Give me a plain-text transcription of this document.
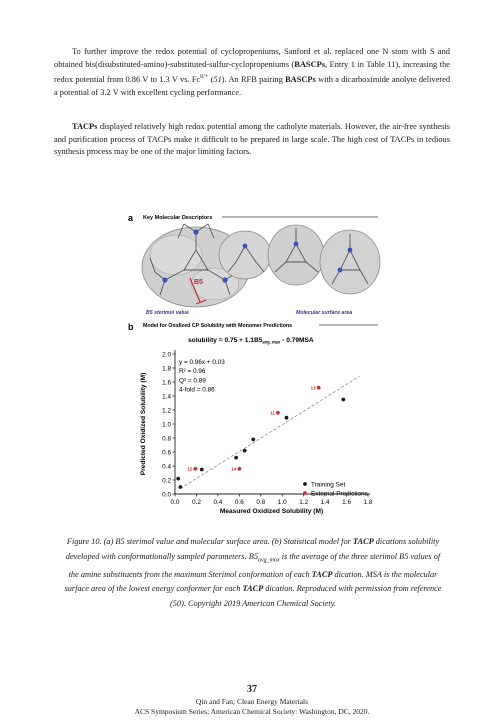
To further improve the redox potential of cyclopropeniums, Sanford et al. replaced one N stom with S and obtained bis(disubstituted-amino)-substituted-sulfur-cyclopropeniums (BASCPs, Entry 1 in Table 11), increasing the redox potential from 0.86 V to 1.3 V vs. $Fc^{0/+}$ (51). An RFB pairing BASCPs with a dicarboximide anolyte delivered a potential of 3.2 V with excellent cycling performance.

TACPs displayed relatively high redox potential among the catholyte materials. However, the air-free synthesis and purification process of TACPs make it difficult to be prepared in large scale. The high cost of TACPs in tedious synthesis process may be one of the major limiting factors.

a Key Molecular Descriptors
B5
B5 sterimol value	Molecular surface area
b Model for Oxidized CP Solubility with Monomer Predictions
solubility = $0.75 + 1.1B5_{avg\_max} - 0.79MSA$
y = 0.96x + 0.03
R² = 0.96
Q² = 0.89
4-fold = 0.86
0.0
0.2
0.4
0.6
0.8
1.0
1.2
1.4
1.6
1.8
2.0
0.0 0.2 0.4 0.6 0.8 1.0 1.2 1.4 1.6 1.8
Measured Oxidized Solubility (M)
Predicted Oxidized Solubility (M)	12	14
11
13
Training Set
External Predictions

Figure 10. (a) B5 sterimol value and molecular surface area. (b) Statistical model for TACP dications solubility developed with conformationally sampled parameters. $B5_{avg\_max}$ is the average of the three sterimol B5 values of the amine substituents from the maximum Sterimol conformation of each TACP dication. MSA is the molecular surface area of the lowest energy conformer for each TACP dication. Reproduced with permission from reference (50). Copyright 2019 American Chemical Society.

37
Qin and Fan; Clean Energy Materials
ACS Symposium Series; American Chemical Society: Washington, DC, 2020.
